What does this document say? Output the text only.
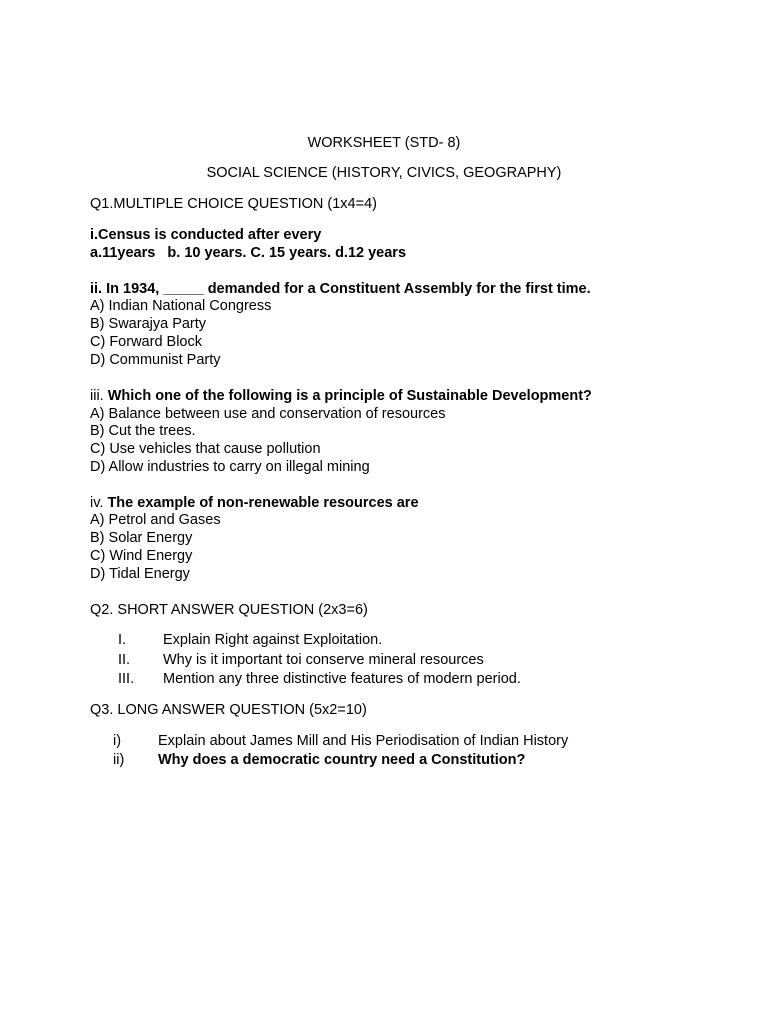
WORKSHEET (STD- 8)
SOCIAL SCIENCE (HISTORY, CIVICS, GEOGRAPHY)
Q1.MULTIPLE CHOICE QUESTION (1x4=4)
i.Census is conducted after every
a.11years   b. 10 years. C. 15 years. d.12 years
ii. In 1934, _____ demanded for a Constituent Assembly for the first time.
A) Indian National Congress
B) Swarajya Party
C) Forward Block
D) Communist Party
iii. Which one of the following is a principle of Sustainable Development?
A) Balance between use and conservation of resources
B) Cut the trees.
C) Use vehicles that cause pollution
D) Allow industries to carry on illegal mining
iv. The example of non-renewable resources are
A) Petrol and Gases
B) Solar Energy
C) Wind Energy
D) Tidal Energy
Q2. SHORT ANSWER QUESTION (2x3=6)
I.	Explain Right against Exploitation.
II. Why is it important toi conserve mineral resources
III. Mention any three distinctive features of modern period.
Q3. LONG ANSWER QUESTION (5x2=10)
i)	Explain about James Mill and His Periodisation of Indian History
ii) Why does a democratic country need a Constitution?
